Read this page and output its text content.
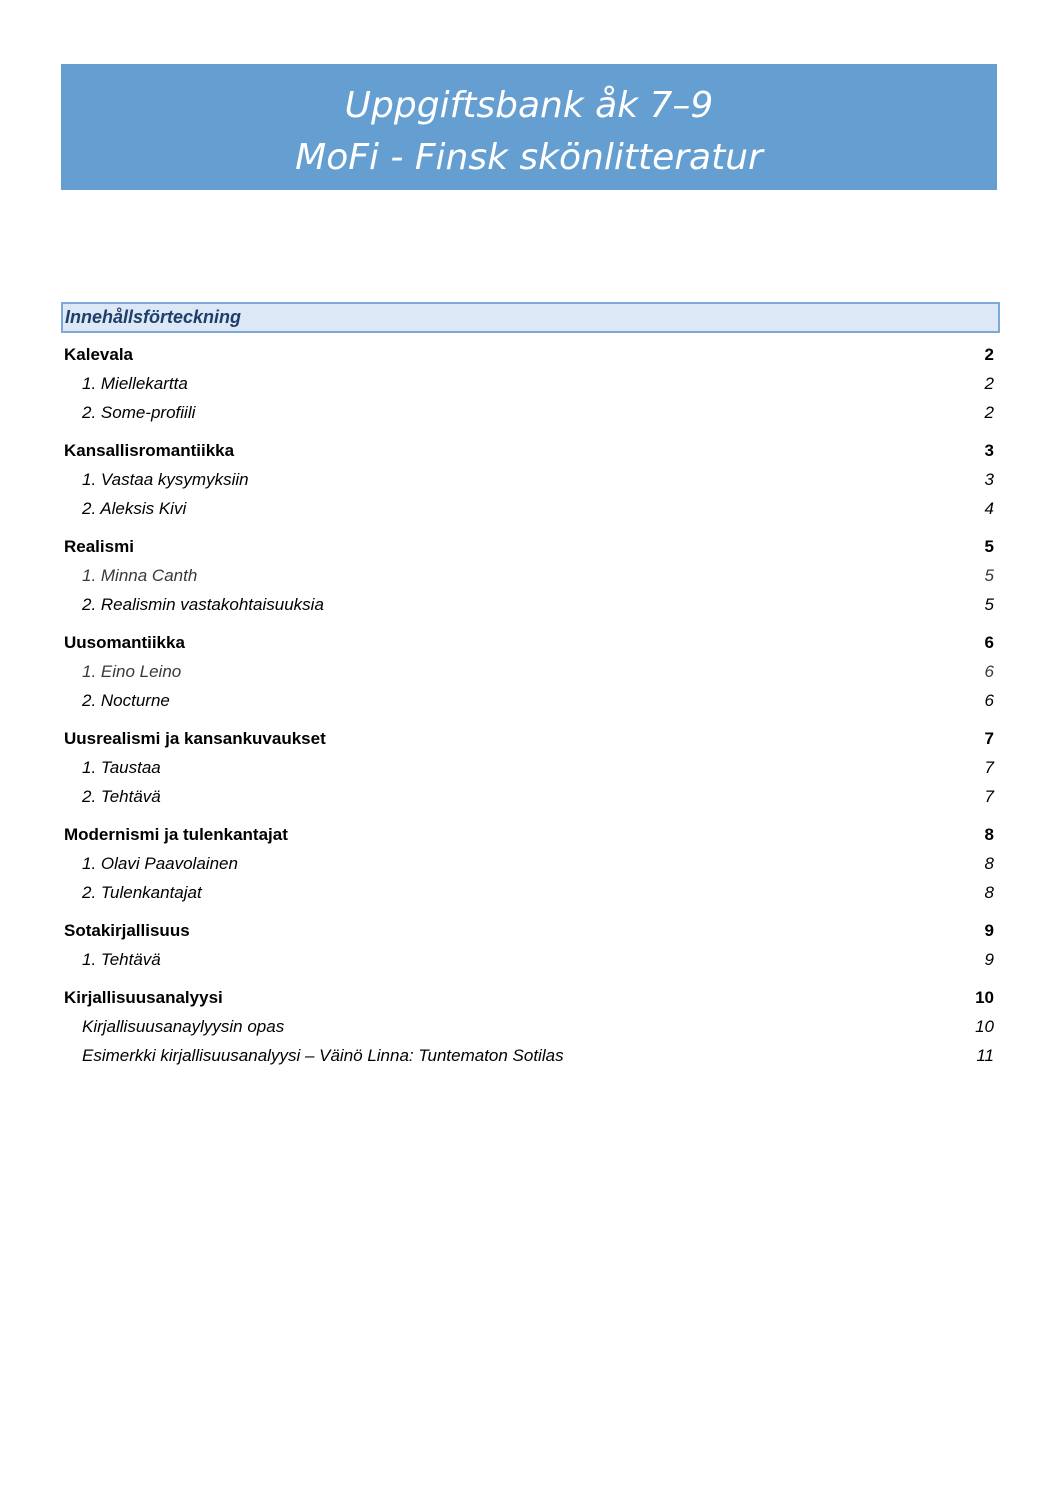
Uppgiftsbank åk 7–9
MoFi - Finsk skönlitteratur
Innehållsförteckning
Kalevala	2
1. Miellekartta	2
2. Some-profiili	2
Kansallisromantiikka	3
1. Vastaa kysymyksiin	3
2. Aleksis Kivi	4
Realismi	5
1. Minna Canth	5
2. Realismin vastakohtaisuuksia	5
Uusomantiikka	6
1. Eino Leino	6
2. Nocturne	6
Uusrealismi ja kansankuvaukset	7
1. Taustaa	7
2. Tehtävä	7
Modernismi ja tulenkantajat	8
1. Olavi Paavolainen	8
2. Tulenkantajat	8
Sotakirjallisuus	9
1. Tehtävä	9
Kirjallisuusanalyysi	10
Kirjallisuusanaylyysin opas	10
Esimerkki kirjallisuusanalyysi – Väinö Linna: Tuntematon Sotilas	11
